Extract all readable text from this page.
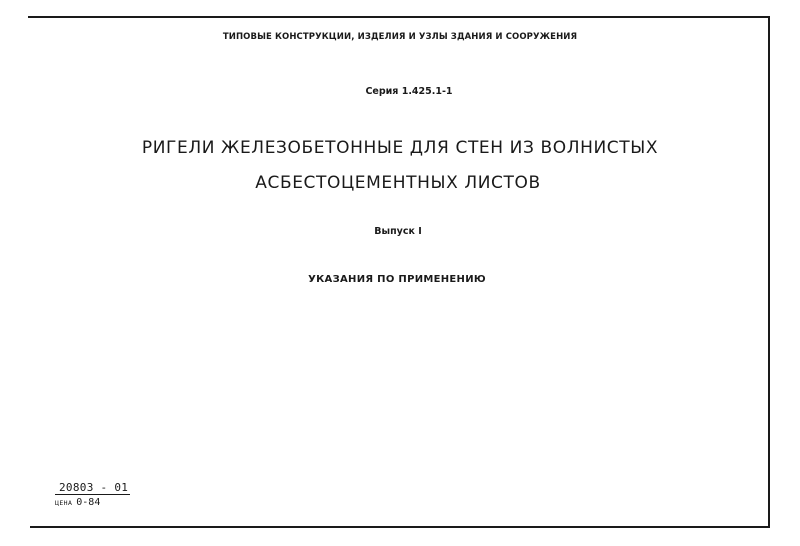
ТИПОВЫЕ КОНСТРУКЦИИ, ИЗДЕЛИЯ И УЗЛЫ ЗДАНИЯ И СООРУЖЕНИЯ
Серия 1.425.1-1
РИГЕЛИ ЖЕЛЕЗОБЕТОННЫЕ ДЛЯ СТЕН ИЗ ВОЛНИСТЫХ
АСБЕСТОЦЕМЕНТНЫХ ЛИСТОВ
Выпуск I
УКАЗАНИЯ ПО ПРИМЕНЕНИЮ
20803 - 01
ЦЕНА 0-84
